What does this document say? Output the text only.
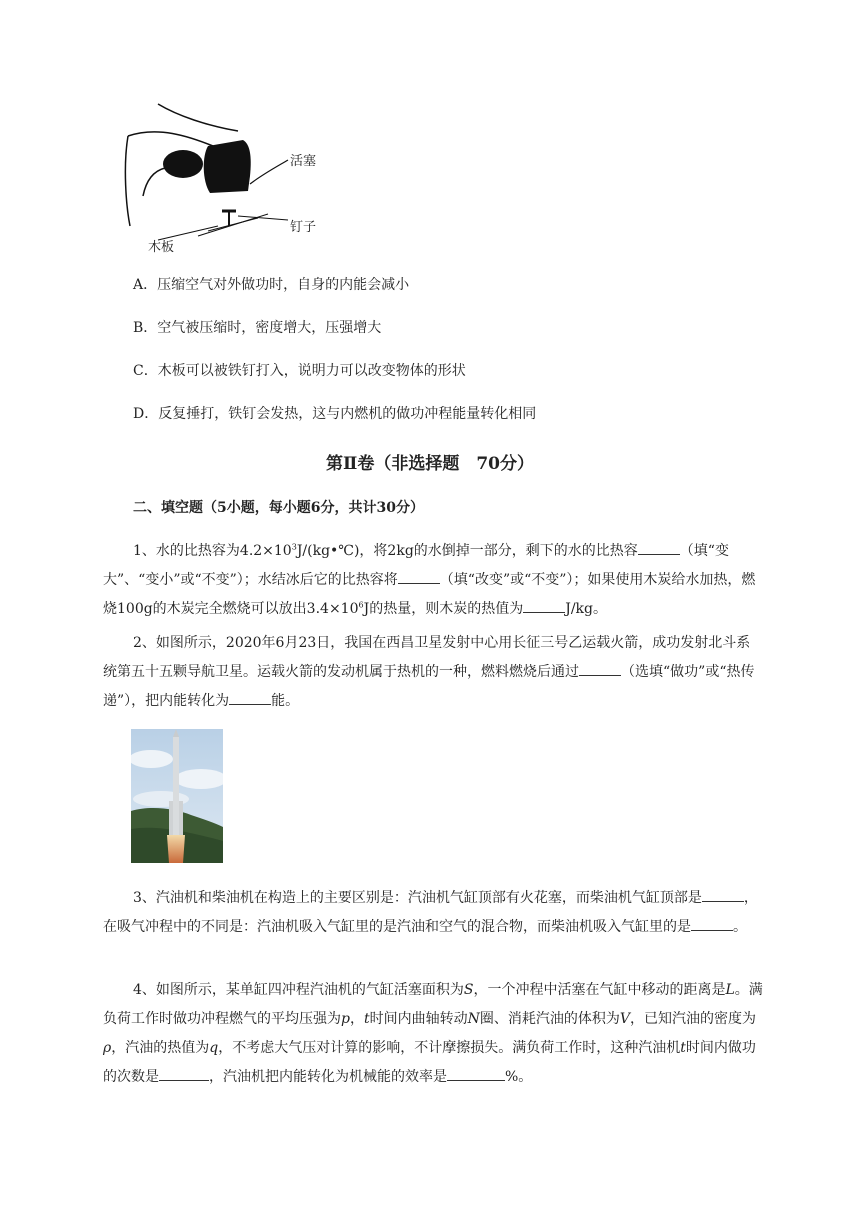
活塞
钉子
木板
A．压缩空气对外做功时，自身的内能会减小
B．空气被压缩时，密度增大，压强增大
C．木板可以被铁钉打入，说明力可以改变物体的形状
D．反复捶打，铁钉会发热，这与内燃机的做功冲程能量转化相同
第Ⅱ卷（非选择题　70分）
二、填空题（5小题，每小题6分，共计30分）
1、水的比热容为$4.2\times 10^3J/(kg•℃)$，将2kg的水倒掉一部分，剩下的水的比热容	（填“变大”、“变小”或“不变”）；水结冰后它的比热容将	（填“改变”或“不变”）；如果使用木炭给水加热，燃烧100g的木炭完全燃烧可以放出$3.4\times 10^6J$的热量，则木炭的热值为	J/kg。
2、如图所示，2020年6月23日，我国在西昌卫星发射中心用长征三号乙运载火箭，成功发射北斗系统第五十五颗导航卫星。运载火箭的发动机属于热机的一种，燃料燃烧后通过	（选填“做功”或“热传递”），把内能转化为	能。
3、汽油机和柴油机在构造上的主要区别是：汽油机气缸顶部有火花塞，而柴油机气缸顶部是	，在吸气冲程中的不同是：汽油机吸入气缸里的是汽油和空气的混合物，而柴油机吸入气缸里的是	。
4、如图所示，某单缸四冲程汽油机的气缸活塞面积为S，一个冲程中活塞在气缸中移动的距离是L。满负荷工作时做功冲程燃气的平均压强为p，t时间内曲轴转动N圈、消耗汽油的体积为V，已知汽油的密度为ρ，汽油的热值为q，不考虑大气压对计算的影响，不计摩擦损失。满负荷工作时，这种汽油机t时间内做功的次数是	，汽油机把内能转化为机械能的效率是	%。
